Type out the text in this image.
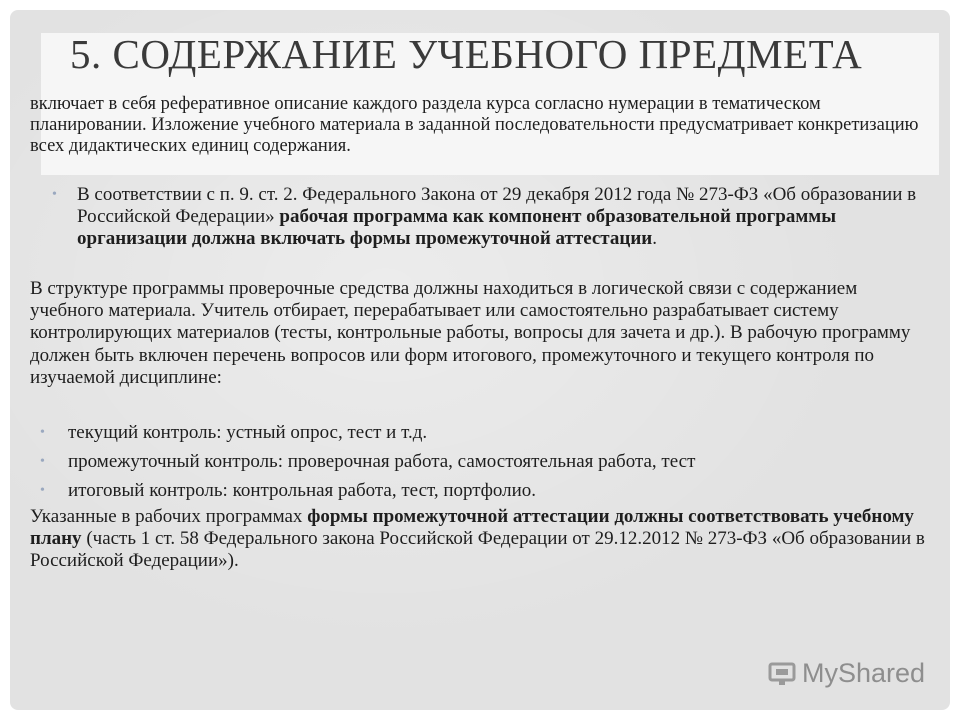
5. СОДЕРЖАНИЕ УЧЕБНОГО ПРЕДМЕТА

включает в себя реферативное описание каждого раздела курса согласно нумерации в тематическом планировании. Изложение учебного материала в заданной последовательности предусматривает конкретизацию всех дидактических единиц содержания.

•	В соответствии с п. 9. ст. 2. Федерального Закона от 29 декабря 2012 года № 273-ФЗ «Об образовании в Российской Федерации» рабочая программа как компонент образовательной программы организации должна включать формы промежуточной аттестации.

В структуре программы проверочные средства должны находиться в логической связи с содержанием учебного материала. Учитель отбирает, перерабатывает или самостоятельно разрабатывает систему контролирующих материалов (тесты, контрольные работы, вопросы для зачета и др.). В рабочую программу должен быть включен перечень вопросов или форм итогового, промежуточного и текущего контроля по изучаемой дисциплине:

• текущий контроль: устный опрос, тест и т.д.
• промежуточный контроль: проверочная работа, самостоятельная работа, тест
• итоговый контроль: контрольная работа, тест, портфолио.

Указанные в рабочих программах формы промежуточной аттестации должны соответствовать учебному плану (часть 1 ст. 58 Федерального закона Российской Федерации от 29.12.2012 № 273-ФЗ «Об образовании в Российской Федерации»).

MyShared
